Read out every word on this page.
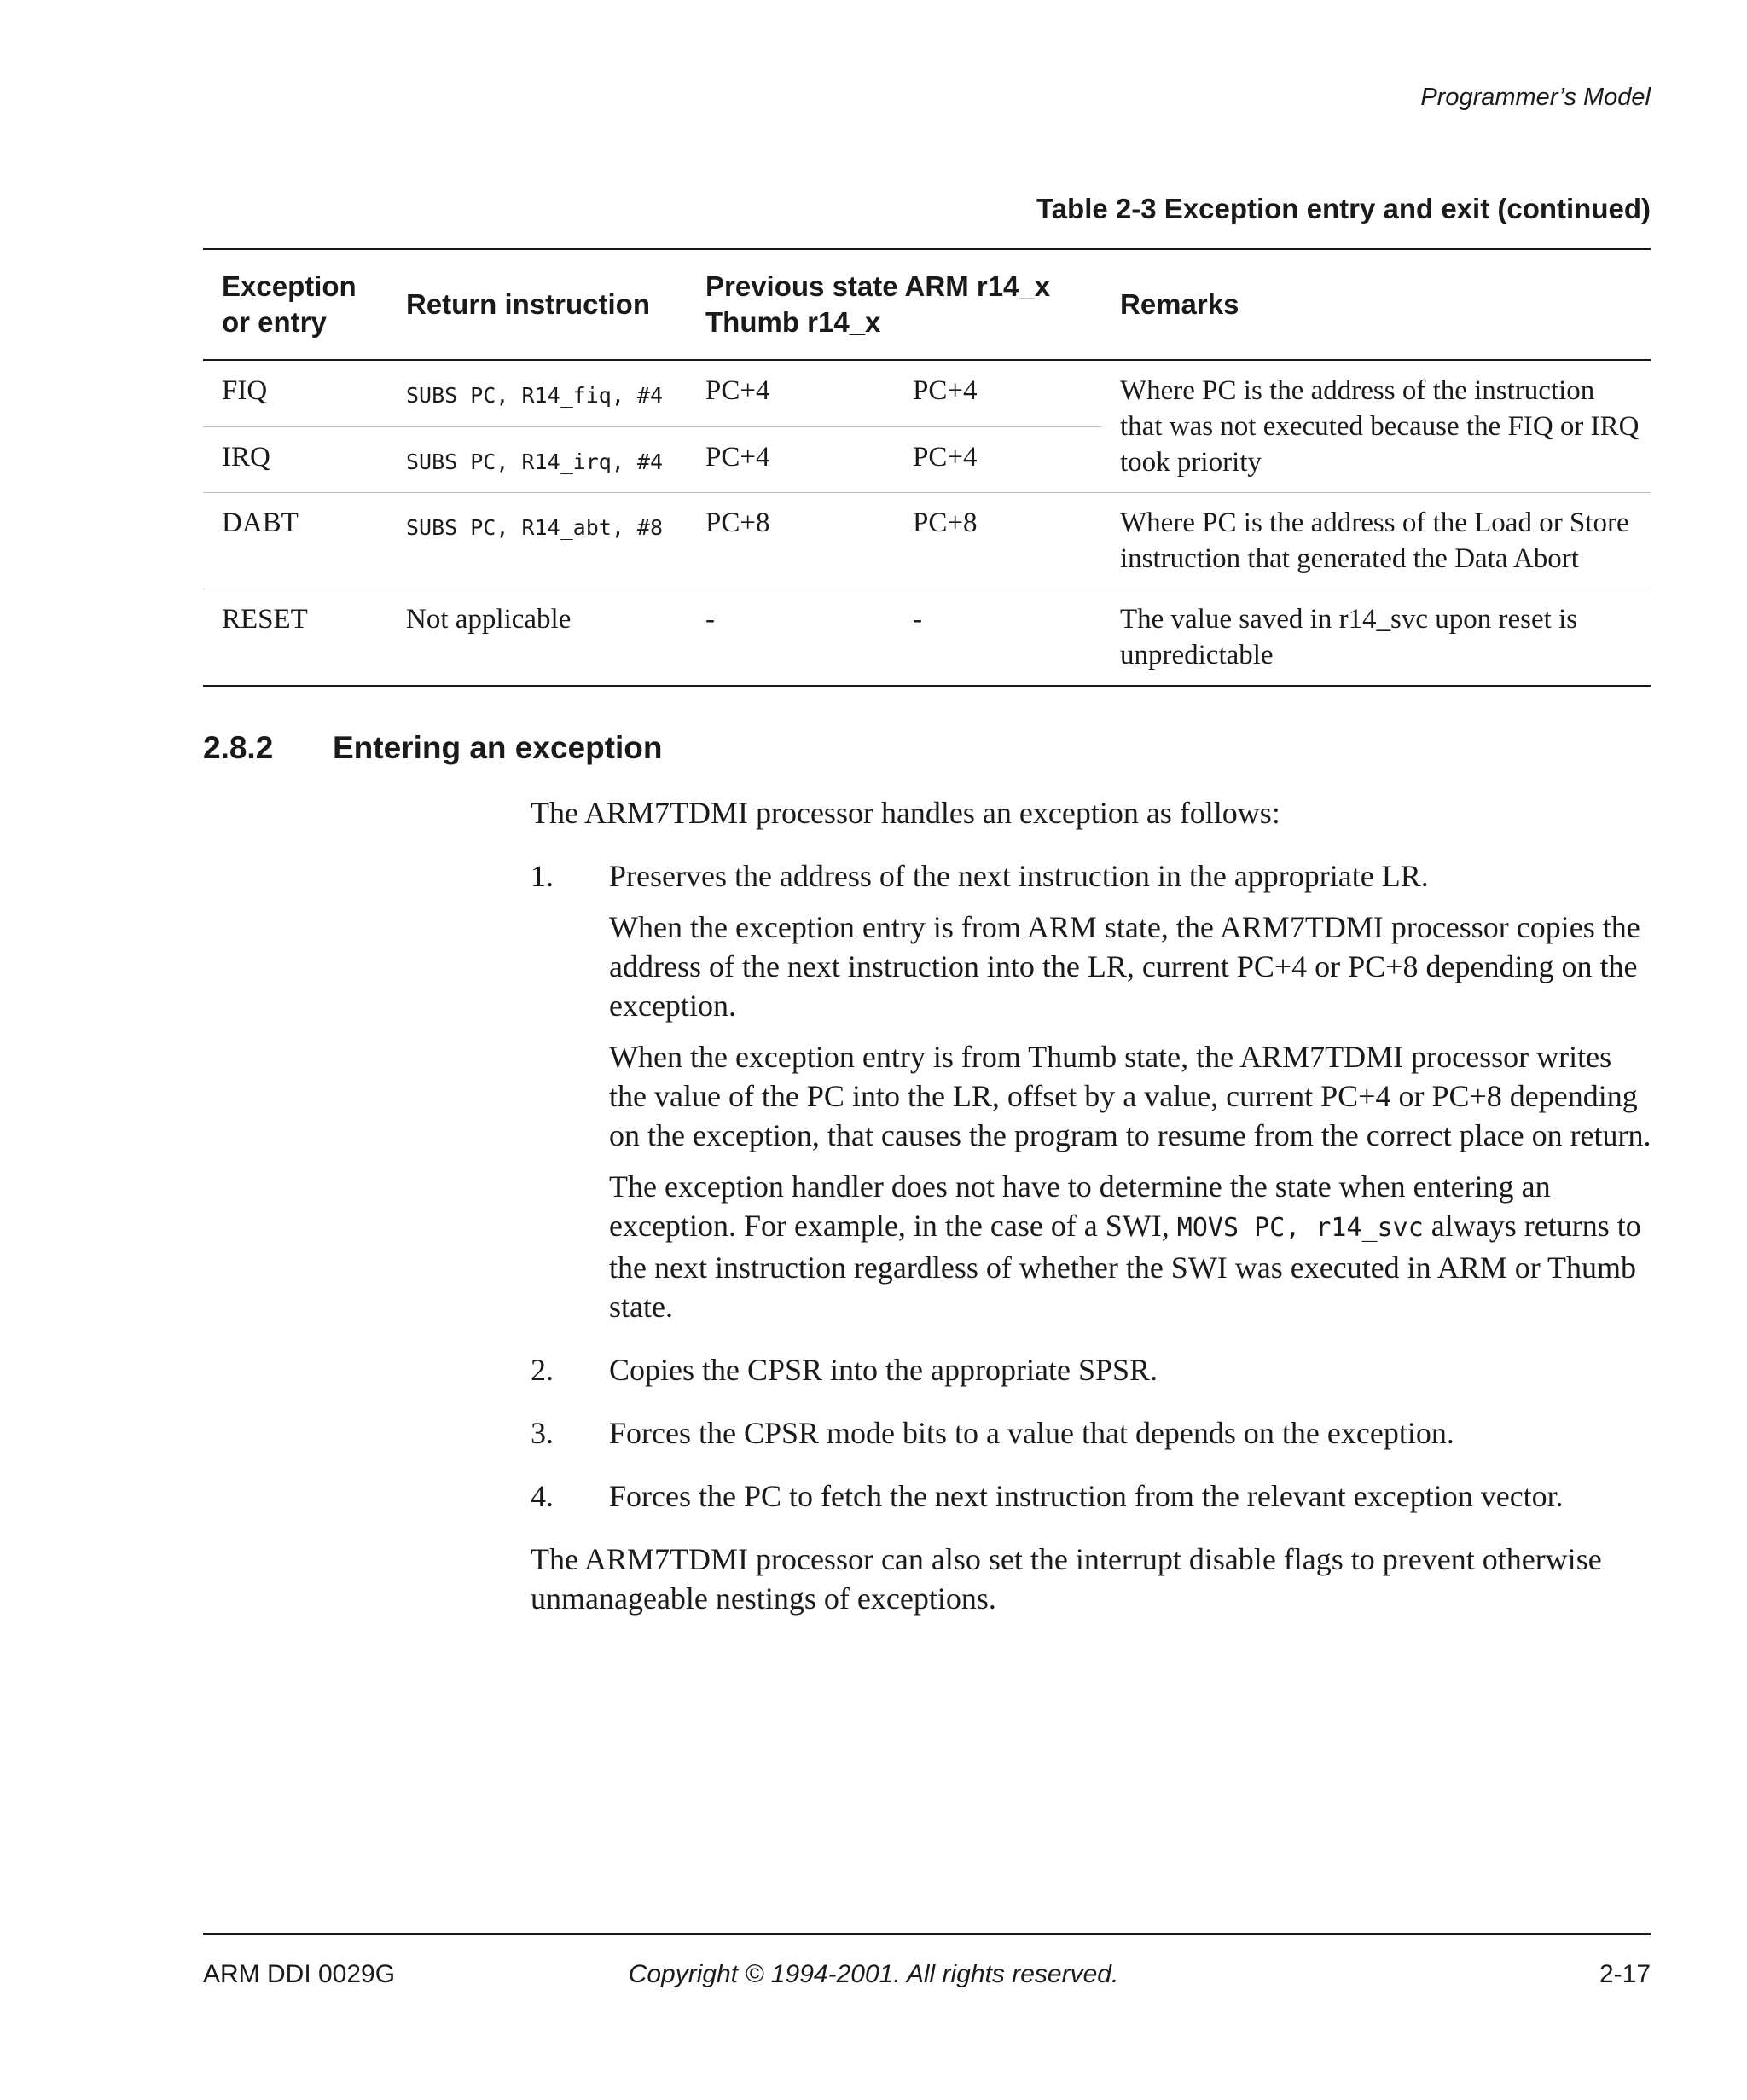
Programmer’s Model
Table 2-3 Exception entry and exit (continued)
Exception or entry	Return instruction	Previous state ARM r14_x Thumb r14_x		Remarks
FIQ	SUBS PC, R14_fiq, #4	PC+4	PC+4	Where PC is the address of the instruction that was not executed because the FIQ or IRQ took priority
IRQ	SUBS PC, R14_irq, #4	PC+4	PC+4	
DABT	SUBS PC, R14_abt, #8	PC+8	PC+8	Where PC is the address of the Load or Store instruction that generated the Data Abort
RESET	Not applicable	-	-	The value saved in r14_svc upon reset is unpredictable
2.8.2 Entering an exception

The ARM7TDMI processor handles an exception as follows:

1. Preserves the address of the next instruction in the appropriate LR.

When the exception entry is from ARM state, the ARM7TDMI processor copies the address of the next instruction into the LR, current PC+4 or PC+8 depending on the exception.

When the exception entry is from Thumb state, the ARM7TDMI processor writes the value of the PC into the LR, offset by a value, current PC+4 or PC+8 depending on the exception, that causes the program to resume from the correct place on return.

The exception handler does not have to determine the state when entering an exception. For example, in the case of a SWI, MOVS PC, r14_svc always returns to the next instruction regardless of whether the SWI was executed in ARM or Thumb state.

2. Copies the CPSR into the appropriate SPSR.

3. Forces the CPSR mode bits to a value that depends on the exception.

4. Forces the PC to fetch the next instruction from the relevant exception vector.

The ARM7TDMI processor can also set the interrupt disable flags to prevent otherwise unmanageable nestings of exceptions.

Copyright © 1994-2001. All rights reserved.
ARM DDI 0029G	2-17
